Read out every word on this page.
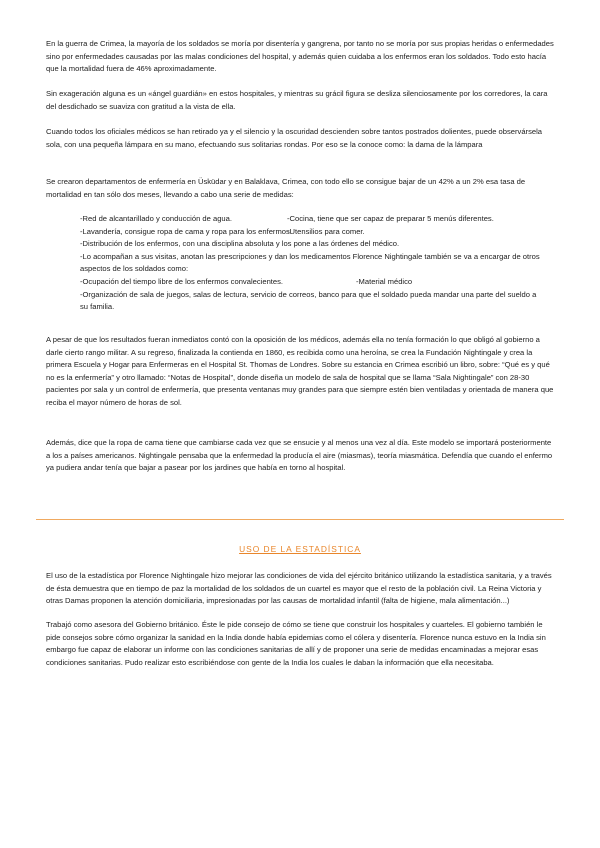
En la guerra de Crimea, la mayoría de los soldados se moría por disentería y gangrena, por tanto no se moría por sus propias heridas o enfermedades sino por enfermedades causadas por las malas condiciones del hospital, y además quien cuidaba a los enfermos eran los soldados. Todo esto hacía que la mortalidad fuera de 46% aproximadamente.

Sin exageración alguna es un «ángel guardián» en estos hospitales, y mientras su grácil figura se desliza silenciosamente por los corredores, la cara del desdichado se suaviza con gratitud a la vista de ella.

Cuando todos los oficiales médicos se han retirado ya y el silencio y la oscuridad descienden sobre tantos postrados dolientes, puede observársela sola, con una pequeña lámpara en su mano, efectuando sus solitarias rondas. Por eso se la conoce como: la dama de la lámpara

Se crearon departamentos de enfermería en Üsküdar y en Balaklava, Crimea, con todo ello se consigue bajar de un 42% a un 2% esa tasa de mortalidad en tan sólo dos meses, llevando a cabo una serie de medidas:

-Red de alcantarillado y conducción de agua.	-Cocina, tiene que ser capaz de preparar 5 menús diferentes.
-Lavandería, consigue ropa de cama y ropa para los enfermos.
-Utensilios para comer.
-Distribución de los enfermos, con una disciplina absoluta y los pone a las órdenes del médico.
-Lo acompañan a sus visitas, anotan las prescripciones y dan los medicamentos Florence Nightingale también se va a encargar de otros aspectos de los soldados como:
-Ocupación del tiempo libre de los enfermos convalecientes.	-Material médico
-Organización de sala de juegos, salas de lectura, servicio de correos, banco para que el soldado pueda mandar una parte del sueldo a su familia.

A pesar de que los resultados fueran inmediatos contó con la oposición de los médicos, además ella no tenía formación lo que obligó al gobierno a darle cierto rango militar. A su regreso, finalizada la contienda en 1860, es recibida como una heroína, se crea la Fundación Nightingale y crea la primera Escuela y Hogar para Enfermeras en el Hospital St. Thomas de Londres. Sobre su estancia en Crimea escribió un libro, sobre: “Qué es y qué no es la enfermería” y otro llamado: “Notas de Hospital”, donde diseña un modelo de sala de hospital que se llama “Sala Nightingale” con 28-30 pacientes por sala y un control de enfermería, que presenta ventanas muy grandes para que siempre estén bien ventiladas y orientada de manera que reciba el mayor número de horas de sol.

Además, dice que la ropa de cama tiene que cambiarse cada vez que se ensucie y al menos una vez al día. Este modelo se importará posteriormente a los a países americanos. Nightingale pensaba que la enfermedad la producía el aire (miasmas), teoría miasmática. Defendía que cuando el enfermo ya pudiera andar tenía que bajar a pasear por los jardines que había en torno al hospital.

USO DE LA ESTADÍSTICA

El uso de la estadística por Florence Nightingale hizo mejorar las condiciones de vida del ejército británico utilizando la estadística sanitaria, y a través de ésta demuestra que en tiempo de paz la mortalidad de los soldados de un cuartel es mayor que el resto de la población civil. La Reina Victoria y otras Damas proponen la atención domiciliaria, impresionadas por las causas de mortalidad infantil (falta de higiene, mala alimentación...)

Trabajó como asesora del Gobierno británico. Éste le pide consejo de cómo se tiene que construir los hospitales y cuarteles. El gobierno también le pide consejos sobre cómo organizar la sanidad en la India donde había epidemias como el cólera y disentería. Florence nunca estuvo en la India sin embargo fue capaz de elaborar un informe con las condiciones sanitarias de allí y de proponer una serie de medidas encaminadas a mejorar esas condiciones sanitarias. Pudo realizar esto escribiéndose con gente de la India los cuales le daban la información que ella necesitaba.
